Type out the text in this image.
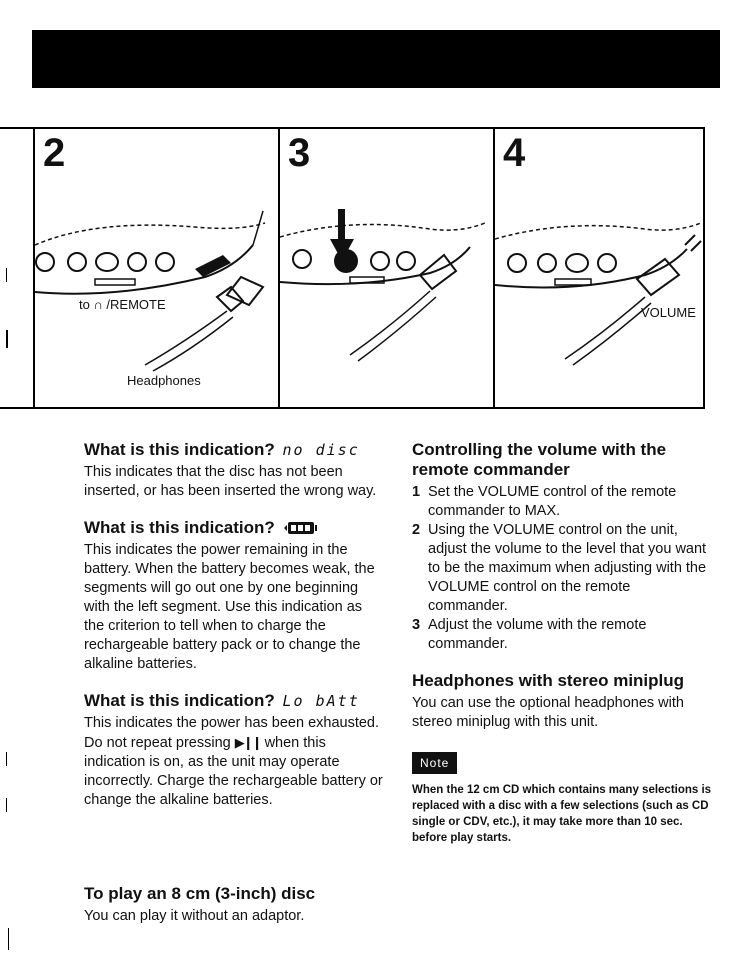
2
to ∩ /REMOTE
Headphones
3	4
VOLUME
What is this indication? no disc

This indicates that the disc has not been inserted, or has been inserted the wrong way.

What is this indication?

This indicates the power remaining in the battery. When the battery becomes weak, the segments will go out one by one beginning with the left segment. Use this indication as the criterion to tell when to charge the rechargeable battery pack or to change the alkaline batteries.

What is this indication? Lo bAtt

This indicates the power has been exhausted. Do not repeat pressing ▶❙❙ when this indication is on, as the unit may operate incorrectly. Charge the rechargeable battery or change the alkaline batteries.

Controlling the volume with the remote commander
1 Set the VOLUME control of the remote commander to MAX.
2 Using the VOLUME control on the unit, adjust the volume to the level that you want to be the maximum when adjusting with the VOLUME control on the remote commander.
3 Adjust the volume with the remote commander.
Headphones with stereo miniplug

You can use the optional headphones with stereo miniplug with this unit.

Note
When the 12 cm CD which contains many selections is replaced with a disc with a few selections (such as CD single or CDV, etc.), it may take more than 10 sec. before play starts.
To play an 8 cm (3-inch) disc

You can play it without an adaptor.
